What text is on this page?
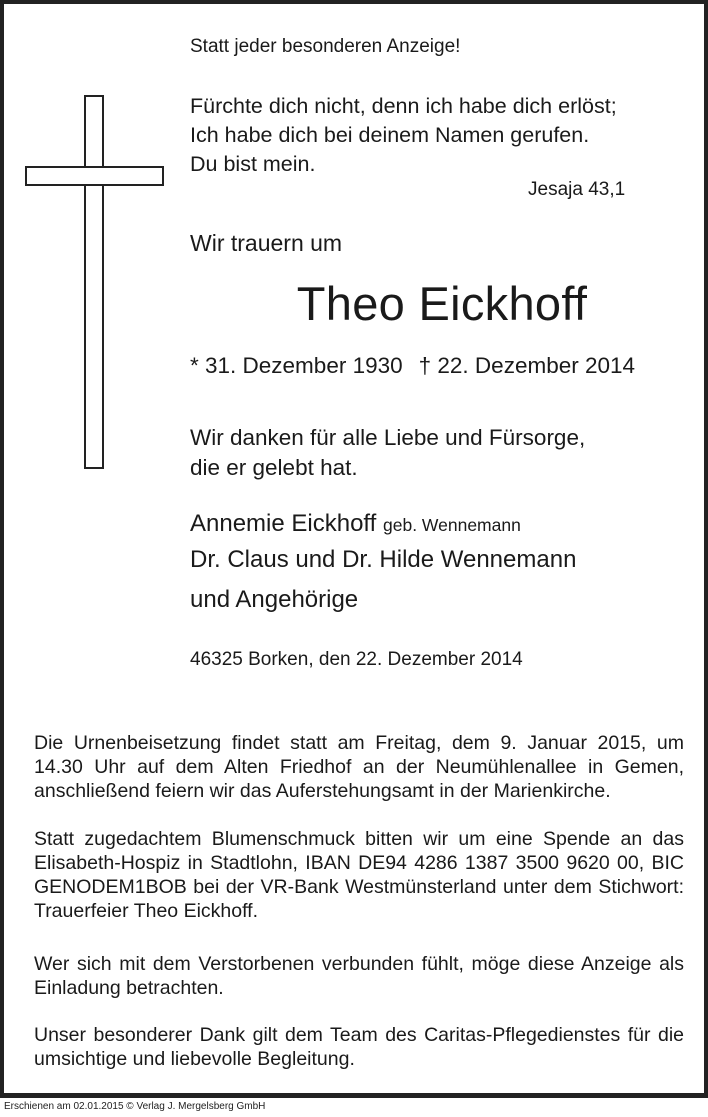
Statt jeder besonderen Anzeige!
Fürchte dich nicht, denn ich habe dich erlöst;
Ich habe dich bei deinem Namen gerufen.
Du bist mein.
Jesaja 43,1
Wir trauern um
Theo Eickhoff
* 31. Dezember 1930 † 22. Dezember 2014
Wir danken für alle Liebe und Fürsorge,
die er gelebt hat.
Annemie Eickhoff geb. Wennemann
Dr. Claus und Dr. Hilde Wennemann
und Angehörige
46325 Borken, den 22. Dezember 2014
Die Urnenbeisetzung findet statt am Freitag, dem 9. Januar 2015, um 14.30 Uhr auf dem Alten Friedhof an der Neumühlenallee in Gemen, anschließend feiern wir das Auferstehungsamt in der Marienkirche.
Statt zugedachtem Blumenschmuck bitten wir um eine Spende an das Elisabeth-Hospiz in Stadtlohn, IBAN DE94 4286 1387 3500 9620 00, BIC GENODEM1BOB bei der VR-Bank Westmünsterland unter dem Stichwort: Trauerfeier Theo Eickhoff.
Wer sich mit dem Verstorbenen verbunden fühlt, möge diese Anzeige als Einladung betrachten.
Unser besonderer Dank gilt dem Team des Caritas-Pflegedienstes für die umsichtige und liebevolle Begleitung.
Erschienen am 02.01.2015 © Verlag J. Mergelsberg GmbH
